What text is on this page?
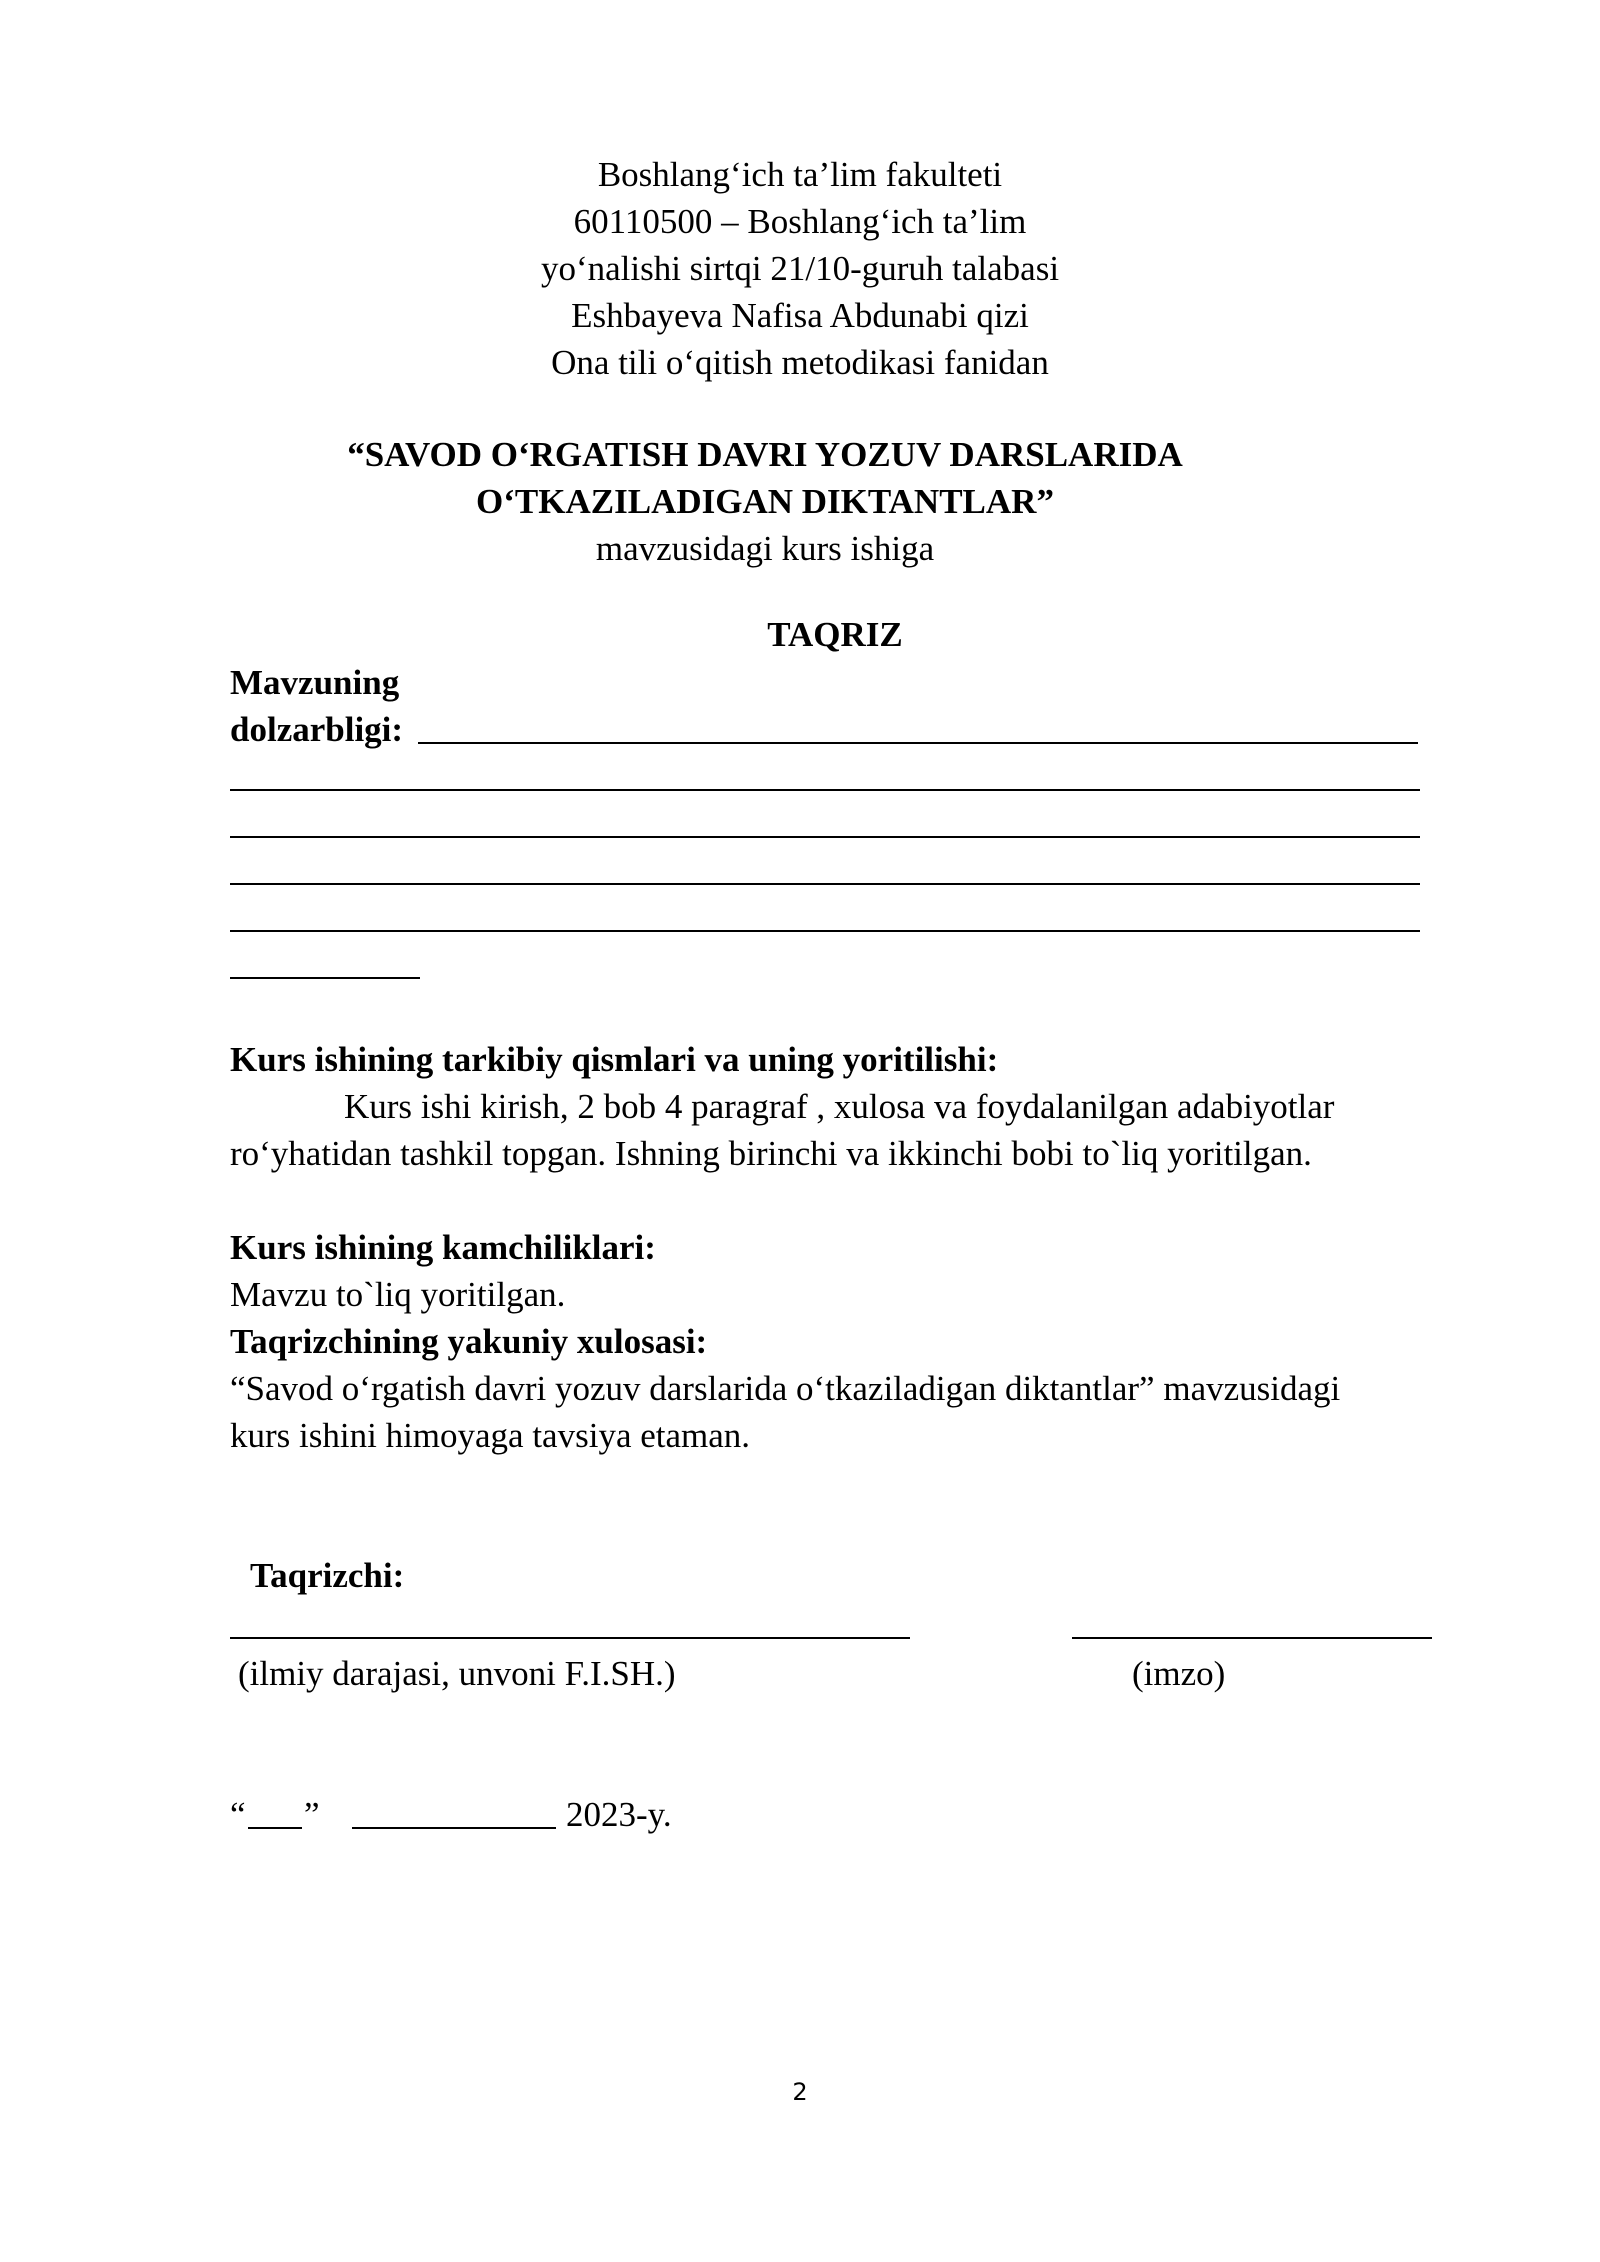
Boshlang‘ich ta’lim fakulteti
60110500 – Boshlang‘ich ta’lim
yo‘nalishi sirtqi 21/10-guruh talabasi
Eshbayeva Nafisa Abdunabi qizi
Ona tili o‘qitish metodikasi fanidan
“SAVOD O‘RGATISH DAVRI YOZUV DARSLARIDA
O‘TKAZILADIGAN DIKTANTLAR”
mavzusidagi kurs ishiga
TAQRIZ
Mavzuning
dolzarbligi:
Kurs ishining tarkibiy qismlari va uning yoritilishi:
Kurs ishi kirish, 2 bob 4 paragraf , xulosa va foydalanilgan adabiyotlar
ro‘yhatidan tashkil topgan. Ishning birinchi va ikkinchi bobi to`liq yoritilgan.
Kurs ishining kamchiliklari:
Mavzu to`liq yoritilgan.
Taqrizchining yakuniy xulosasi:
“Savod o‘rgatish davri yozuv darslarida o‘tkaziladigan diktantlar” mavzusidagi
kurs ishini himoyaga tavsiya etaman.
Taqrizchi:
(ilmiy darajasi, unvoni F.I.SH.)	(imzo)
“ ”	2023-y.
2
